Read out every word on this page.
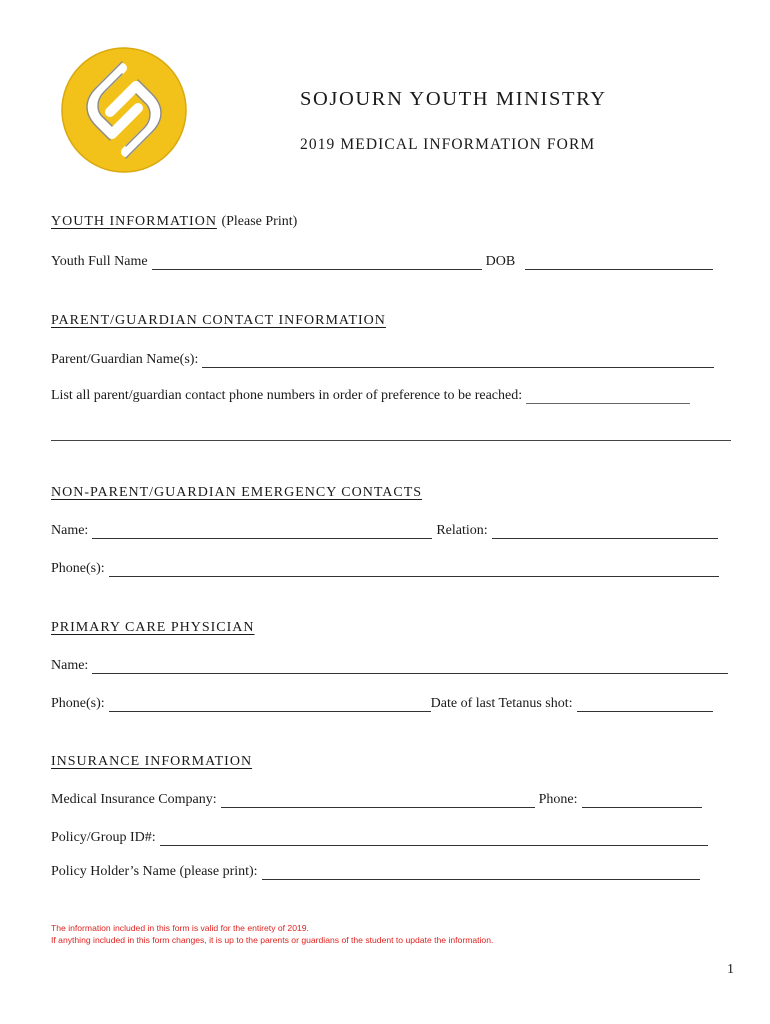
SOJOURN YOUTH MINISTRY
2019 MEDICAL INFORMATION FORM
YOUTH INFORMATION (Please Print)
Youth Full Name	DOB
PARENT/GUARDIAN CONTACT INFORMATION
Parent/Guardian Name(s):
List all parent/guardian contact phone numbers in order of preference to be reached:
NON-PARENT/GUARDIAN EMERGENCY CONTACTS
Name:	Relation:
Phone(s):
PRIMARY CARE PHYSICIAN
Name:
Phone(s):	Date of last Tetanus shot:
INSURANCE INFORMATION
Medical Insurance Company:	Phone:
Policy/Group ID#:
Policy Holder’s Name (please print):
The information included in this form is valid for the entirety of 2019.
If anything included in this form changes, it is up to the parents or guardians of the student to update the information.
1
